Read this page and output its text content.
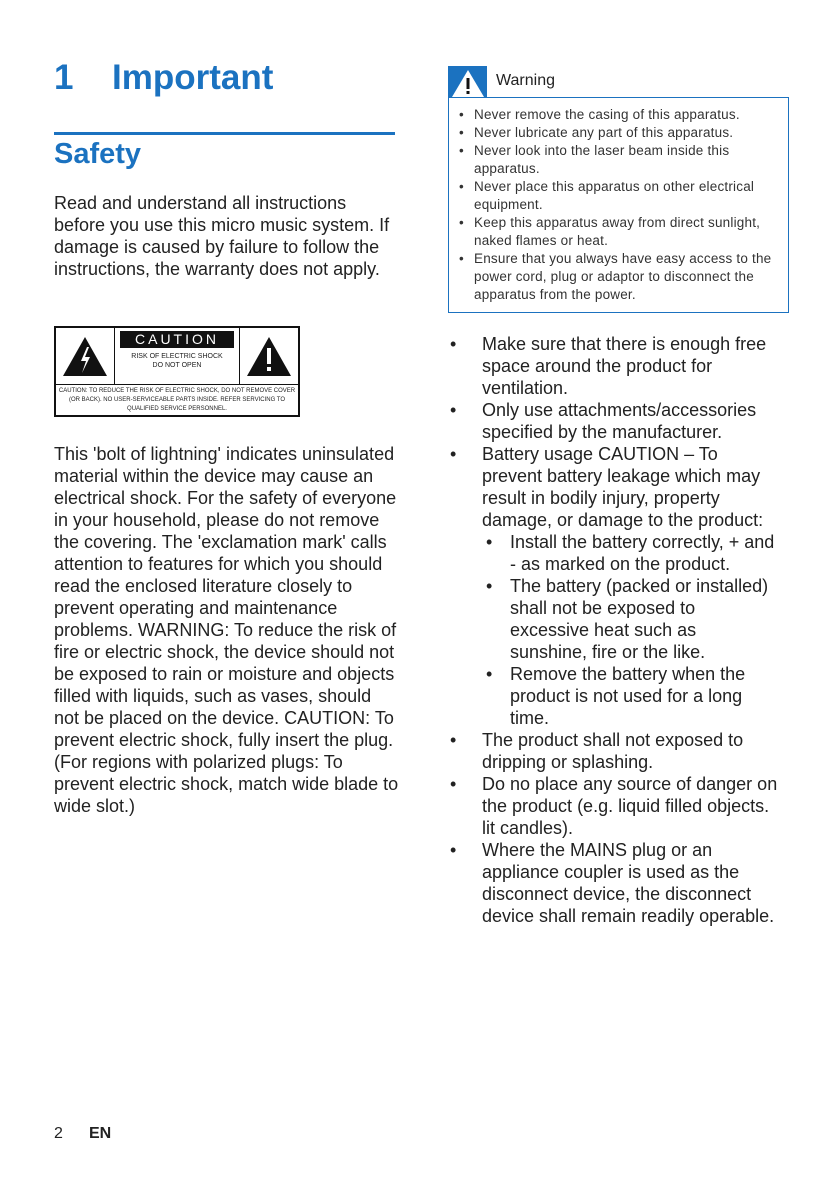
1 Important
Safety
Read and understand all instructions before you use this micro music system. If damage is caused by failure to follow the instructions, the warranty does not apply.
CAUTION
RISK OF ELECTRIC SHOCK
DO NOT OPEN
CAUTION: TO REDUCE THE RISK OF ELECTRIC SHOCK, DO NOT REMOVE COVER (OR BACK). NO USER-SERVICEABLE PARTS INSIDE. REFER SERVICING TO QUALIFIED SERVICE PERSONNEL.
This 'bolt of lightning' indicates uninsulated material within the device may cause an electrical shock. For the safety of everyone in your household, please do not remove the covering. The 'exclamation mark' calls attention to features for which you should read the enclosed literature closely to prevent operating and maintenance problems. WARNING: To reduce the risk of fire or electric shock, the device should not be exposed to rain or moisture and objects filled with liquids, such as vases, should not be placed on the device. CAUTION: To prevent electric shock, fully insert the plug. (For regions with polarized plugs: To prevent electric shock, match wide blade to wide slot.)
Warning
• Never remove the casing of this apparatus.
• Never lubricate any part of this apparatus.
• Never look into the laser beam inside this apparatus.
• Never place this apparatus on other electrical equipment.
• Keep this apparatus away from direct sunlight, naked flames or heat.
• Ensure that you always have easy access to the power cord, plug or adaptor to disconnect the apparatus from the power.
• Make sure that there is enough free space around the product for ventilation.
• Only use attachments/accessories specified by the manufacturer.
• Battery usage CAUTION – To prevent battery leakage which may result in bodily injury, property damage, or damage to the product:
• Install the battery correctly, + and - as marked on the product.
• The battery (packed or installed) shall not be exposed to excessive heat such as sunshine, fire or the like.
• Remove the battery when the product is not used for a long time.
• The product shall not exposed to dripping or splashing.
• Do no place any source of danger on the product (e.g. liquid filled objects. lit candles).
• Where the MAINS plug or an appliance coupler is used as the disconnect device, the disconnect device shall remain readily operable.
2 EN
